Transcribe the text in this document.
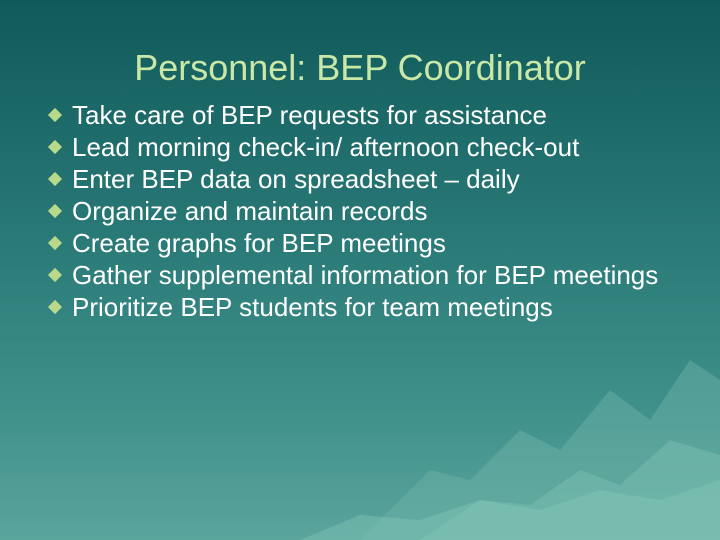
Personnel: BEP Coordinator
Take care of BEP requests for assistance
Lead morning check-in/ afternoon check-out
Enter BEP data on spreadsheet – daily
Organize and maintain records
Create graphs for BEP meetings
Gather supplemental information for BEP meetings
Prioritize BEP students for team meetings
